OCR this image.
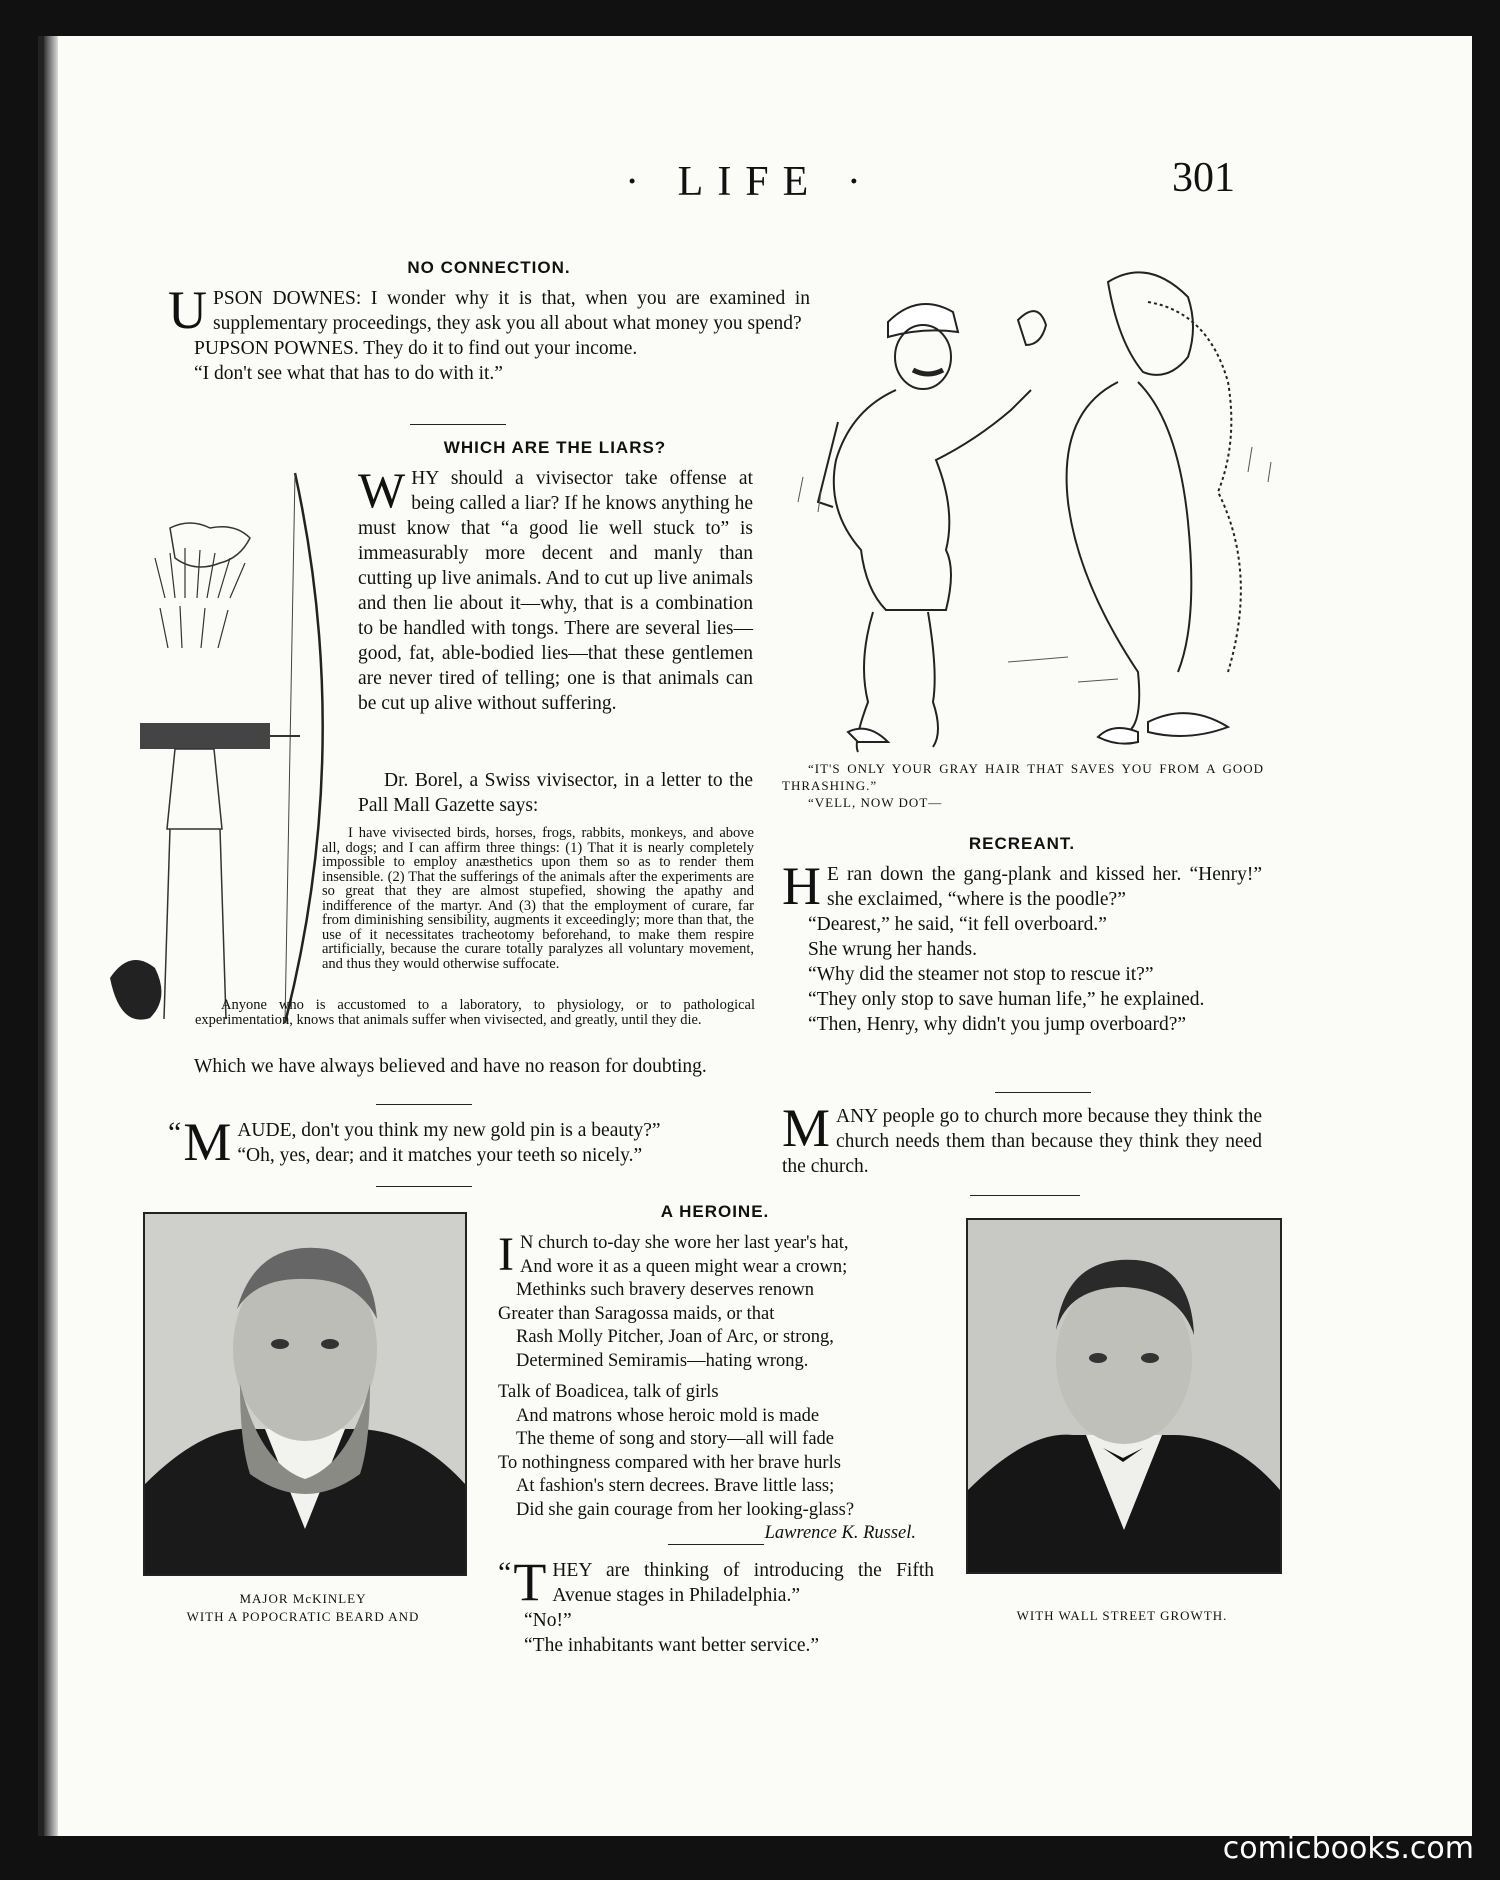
· LIFE ·	301
NO CONNECTION.
U PSON DOWNES: I wonder why it is that, when you are examined in supplementary proceedings, they ask you all about what money you spend?

PUPSON POWNES. They do it to find out your income.

“I don't see what that has to do with it.”

WHICH ARE THE LIARS?
W HY should a vivisector take offense at being called a liar? If he knows anything he must know that “a good lie well stuck to” is immeasurably more decent and manly than cutting up live animals. And to cut up live animals and then lie about it—why, that is a combination to be handled with tongs. There are several lies—good, fat, able-bodied lies—that these gentlemen are never tired of telling; one is that animals can be cut up alive without suffering.

Dr. Borel, a Swiss vivisector, in a letter to the Pall Mall Gazette says:

I have vivisected birds, horses, frogs, rabbits, monkeys, and above all, dogs; and I can affirm three things: (1) That it is nearly completely impossible to employ anæsthetics upon them so as to render them insensible. (2) That the sufferings of the animals after the experiments are so great that they are almost stupefied, showing the apathy and indifference of the martyr. And (3) that the employment of curare, far from diminishing sensibility, augments it exceedingly; more than that, the use of it necessitates tracheotomy beforehand, to make them respire artificially, because the curare totally paralyzes all voluntary movement, and thus they would otherwise suffocate.

Anyone who is accustomed to a laboratory, to physiology, or to pathological experimentation, knows that animals suffer when vivisected, and greatly, until they die.

Which we have always believed and have no reason for doubting.

“ M AUDE, don't you think my new gold pin is a beauty?”

“Oh, yes, dear; and it matches your teeth so nicely.”

“IT'S ONLY YOUR GRAY HAIR THAT SAVES YOU FROM A GOOD THRASHING.”

“VELL, NOW DOT—

RECREANT.
H E ran down the gang-plank and kissed her. “Henry!” she exclaimed, “where is the poodle?”

“Dearest,” he said, “it fell overboard.”

She wrung her hands.

“Why did the steamer not stop to rescue it?”

“They only stop to save human life,” he explained.

“Then, Henry, why didn't you jump overboard?”

M ANY people go to church more because they think the church needs them than because they think they need the church.

MAJOR McKINLEY

WITH A POPOCRATIC BEARD AND	WITH WALL STREET GROWTH.
A HEROINE.
I N church to-day she wore her last year's hat,

And wore it as a queen might wear a crown;

Methinks such bravery deserves renown

Greater than Saragossa maids, or that

Rash Molly Pitcher, Joan of Arc, or strong,

Determined Semiramis—hating wrong.

Talk of Boadicea, talk of girls

And matrons whose heroic mold is made

The theme of song and story—all will fade

To nothingness compared with her brave hurls

At fashion's stern decrees. Brave little lass;

Did she gain courage from her looking-glass?

Lawrence K. Russel.

“ T HEY are thinking of introducing the Fifth Avenue stages in Philadelphia.”

“No!”

“The inhabitants want better service.”

comicbooks.com
